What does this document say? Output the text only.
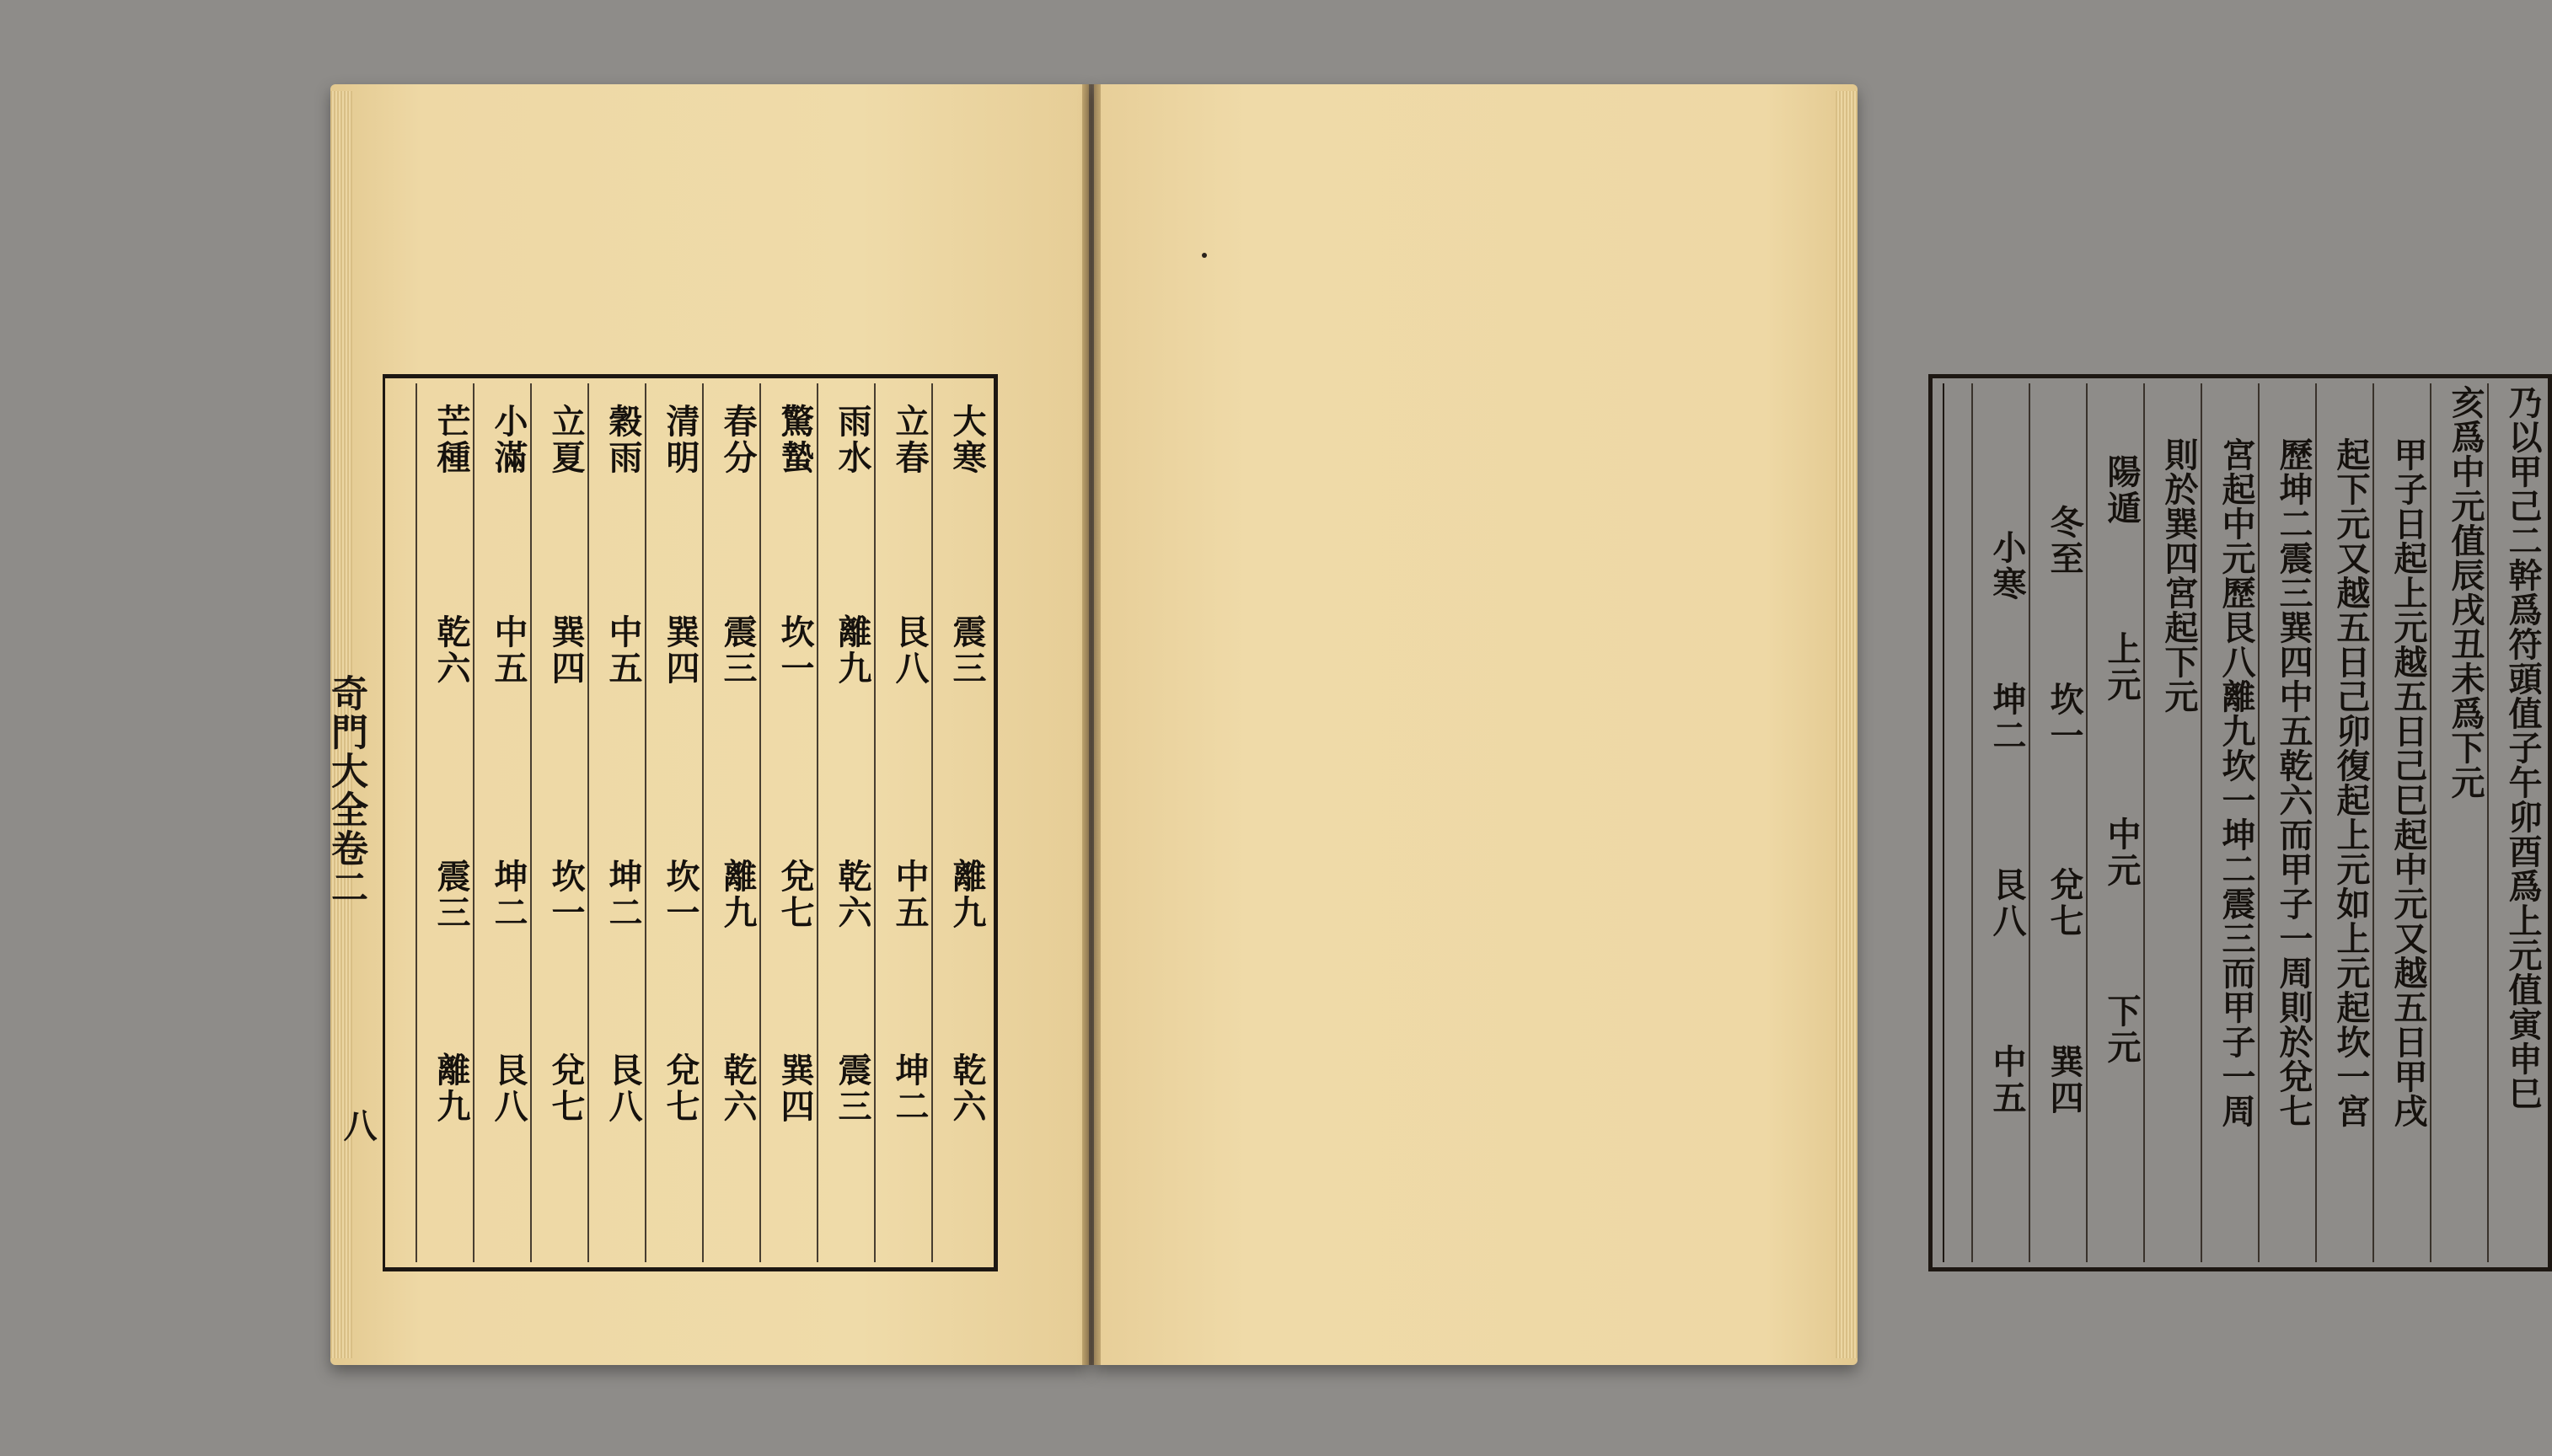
奇門大全卷二
八
大寒
震三
離九
乾六
立春
艮八
中五
坤二
雨水
離九
乾六
震三
驚蟄
坎一
兌七
巽四
春分
震三
離九
乾六
清明
巽四
坎一
兌七
穀雨
中五
坤二
艮八
立夏
巽四
坎一
兌七
小滿
中五
坤二
艮八
芒種
乾六
震三
離九	乃以甲己二幹爲符頭值子午卯酉爲上元值寅申巳
亥爲中元值辰戌丑未爲下元
甲子日起上元越五日己巳起中元又越五日甲戌
起下元又越五日己卯復起上元如上元起坎一宮
歷坤二震三巽四中五乾六而甲子一周則於兌七
宮起中元歷艮八離九坎一坤二震三而甲子一周
則於巽四宮起下元
陽遁
上元
中元
下元
冬至
坎一
兌七
巽四
小寒
坤二
艮八
中五
